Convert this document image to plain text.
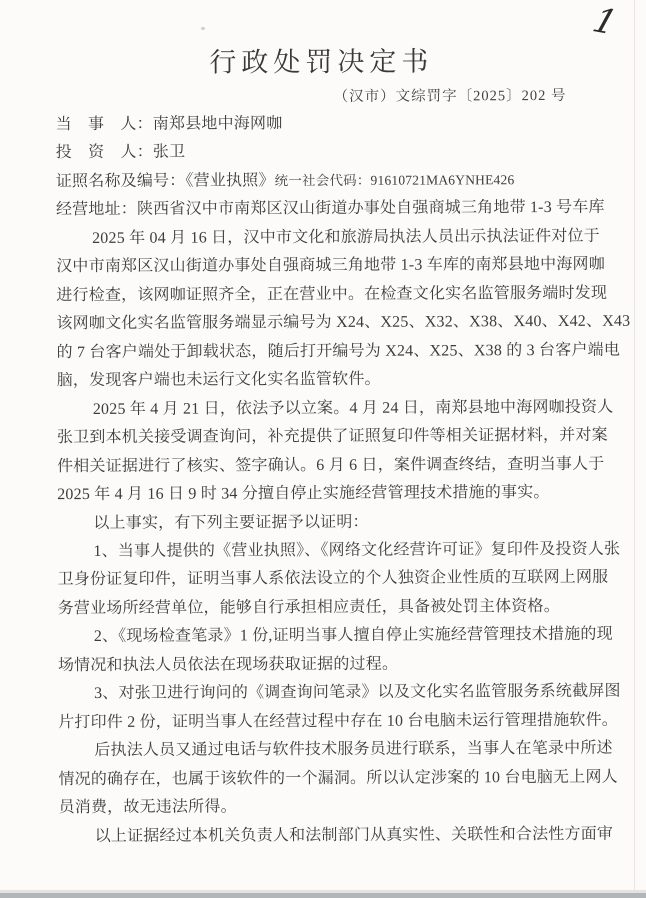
1
行政处罚决定书
（汉市）文综罚字〔2025〕202 号
当　事　人：南郑县地中海网咖
投　资　人：张卫
证照名称及编号：《营业执照》统一社会代码：91610721MA6YNHE426
经营地址：陕西省汉中市南郑区汉山街道办事处自强商城三角地带 1-3 号车库
2025 年 04 月 16 日，汉中市文化和旅游局执法人员出示执法证件对位于
汉中市南郑区汉山街道办事处自强商城三角地带 1-3 车库的南郑县地中海网咖
进行检查，该网咖证照齐全，正在营业中。在检查文化实名监管服务端时发现
该网咖文化实名监管服务端显示编号为 X24、X25、X32、X38、X40、X42、X43
的 7 台客户端处于卸载状态，随后打开编号为 X24、X25、X38 的 3 台客户端电
脑，发现客户端也未运行文化实名监管软件。
2025 年 4 月 21 日，依法予以立案。4 月 24 日，南郑县地中海网咖投资人
张卫到本机关接受调查询问，补充提供了证照复印件等相关证据材料，并对案
件相关证据进行了核实、签字确认。6 月 6 日，案件调查终结，查明当事人于
2025 年 4 月 16 日 9 时 34 分擅自停止实施经营管理技术措施的事实。
以上事实，有下列主要证据予以证明：
1、当事人提供的《营业执照》、《网络文化经营许可证》复印件及投资人张
卫身份证复印件，证明当事人系依法设立的个人独资企业性质的互联网上网服
务营业场所经营单位，能够自行承担相应责任，具备被处罚主体资格。
2、《现场检查笔录》1 份,证明当事人擅自停止实施经营管理技术措施的现
场情况和执法人员依法在现场获取证据的过程。
3、对张卫进行询问的《调查询问笔录》以及文化实名监管服务系统截屏图
片打印件 2 份，证明当事人在经营过程中存在 10 台电脑未运行管理措施软件。
后执法人员又通过电话与软件技术服务员进行联系，当事人在笔录中所述
情况的确存在，也属于该软件的一个漏洞。所以认定涉案的 10 台电脑无上网人
员消费，故无违法所得。
以上证据经过本机关负责人和法制部门从真实性、关联性和合法性方面审
